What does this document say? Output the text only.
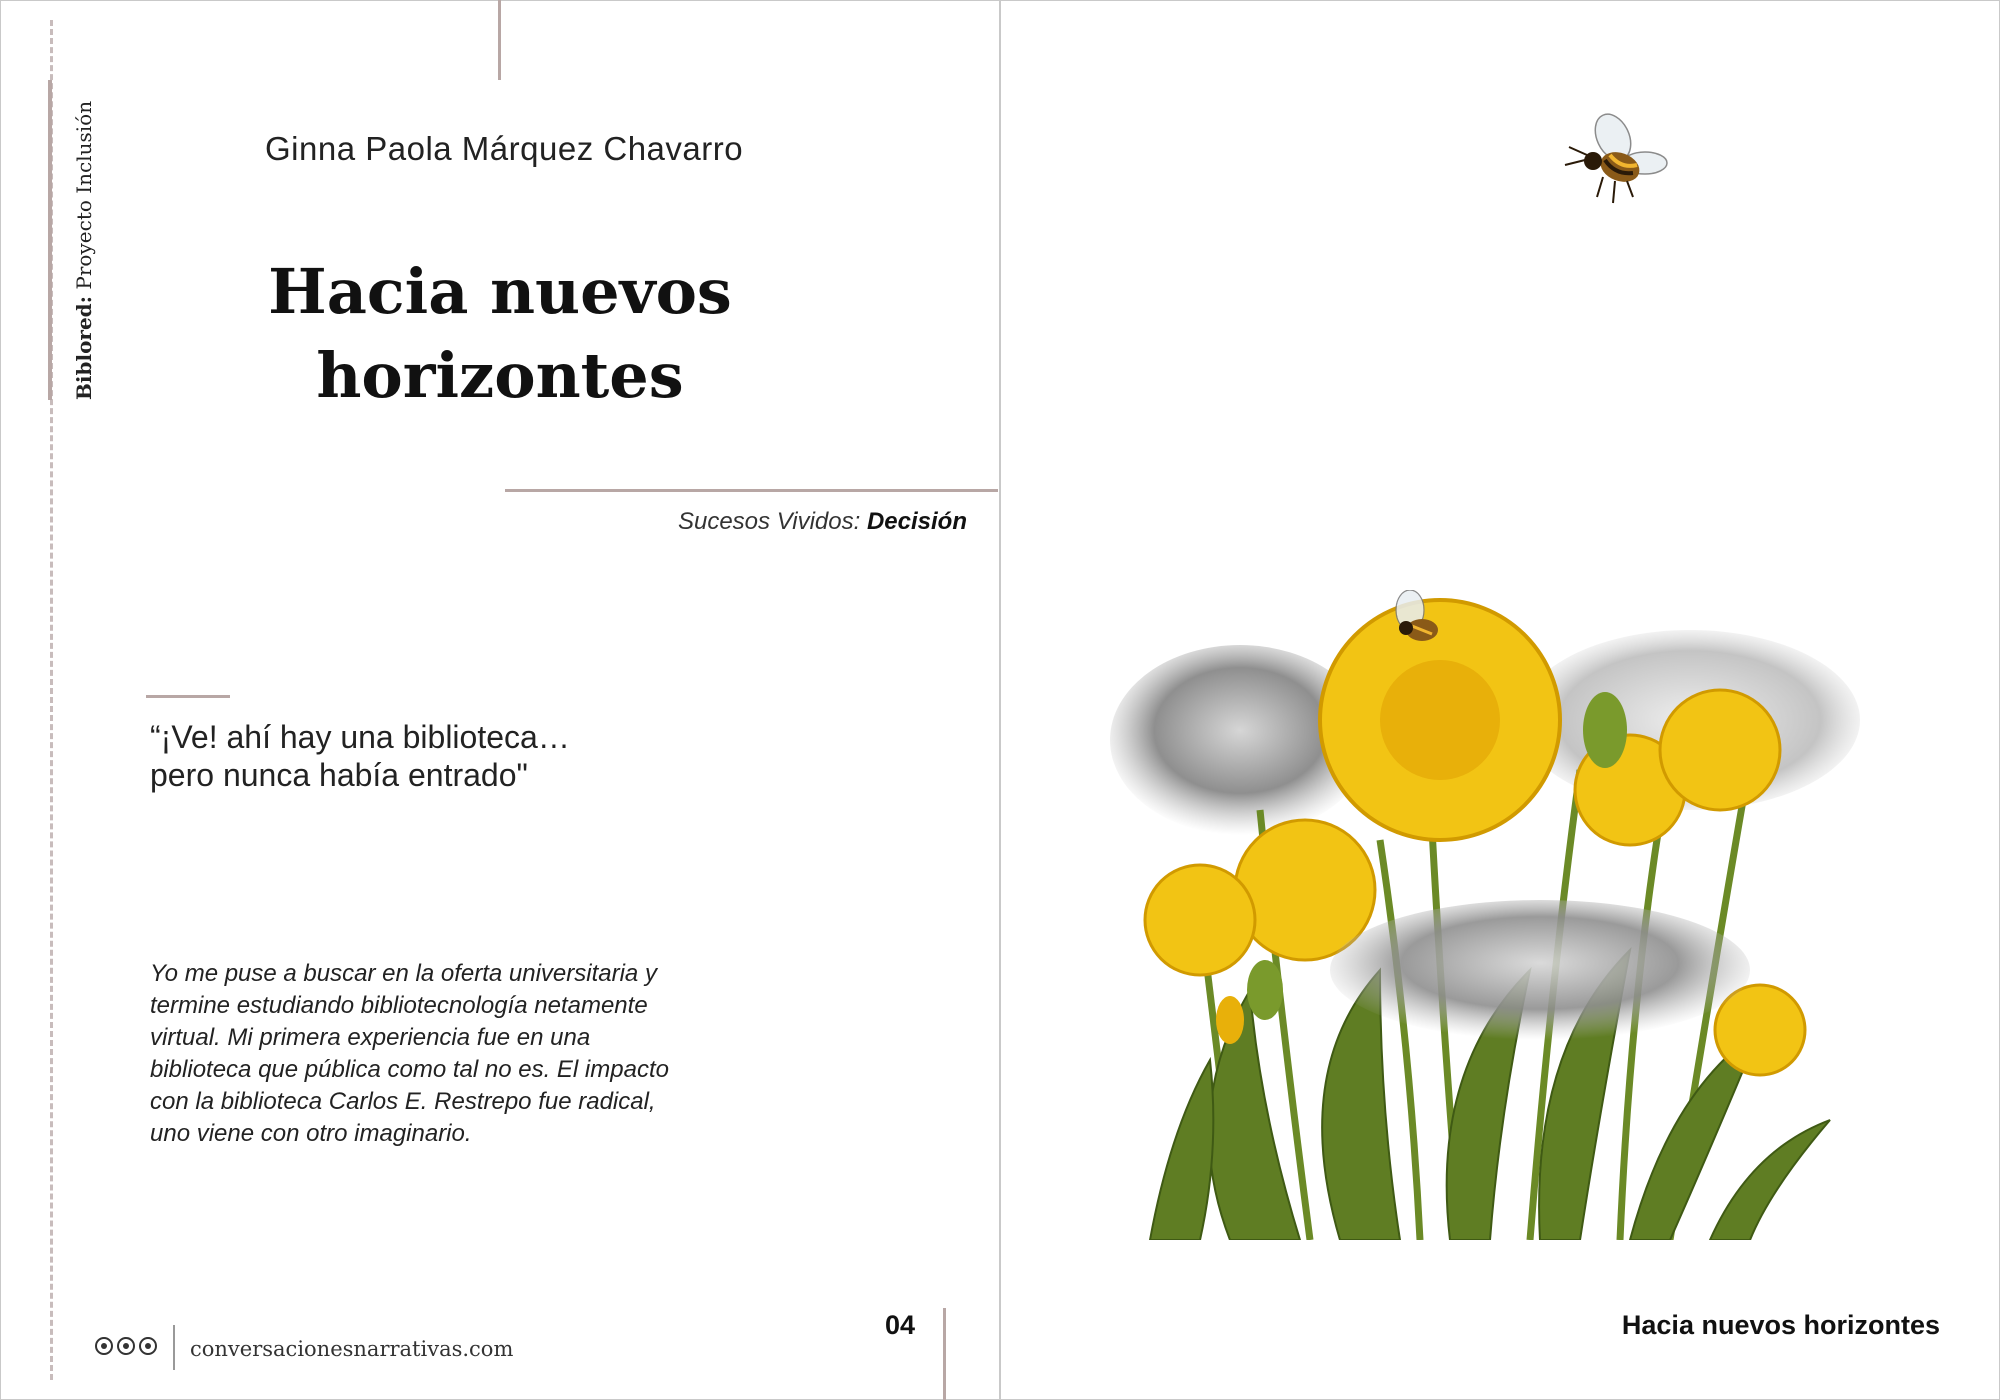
Biblored: Proyecto Inclusión	Ginna Paola Márquez Chavarro
Hacia nuevos
horizontes
Sucesos Vividos: Decisión
“¡Ve! ahí hay una biblioteca…
pero nunca había entrado"
Yo me puse a buscar en la oferta universitaria y termine estudiando bibliotecnología netamente virtual. Mi primera experiencia fue en una biblioteca que pública como tal no es. El impacto con la biblioteca Carlos E. Restrepo fue radical, uno viene con otro imaginario.
conversacionesnarrativas.com
04	Hacia nuevos horizontes
